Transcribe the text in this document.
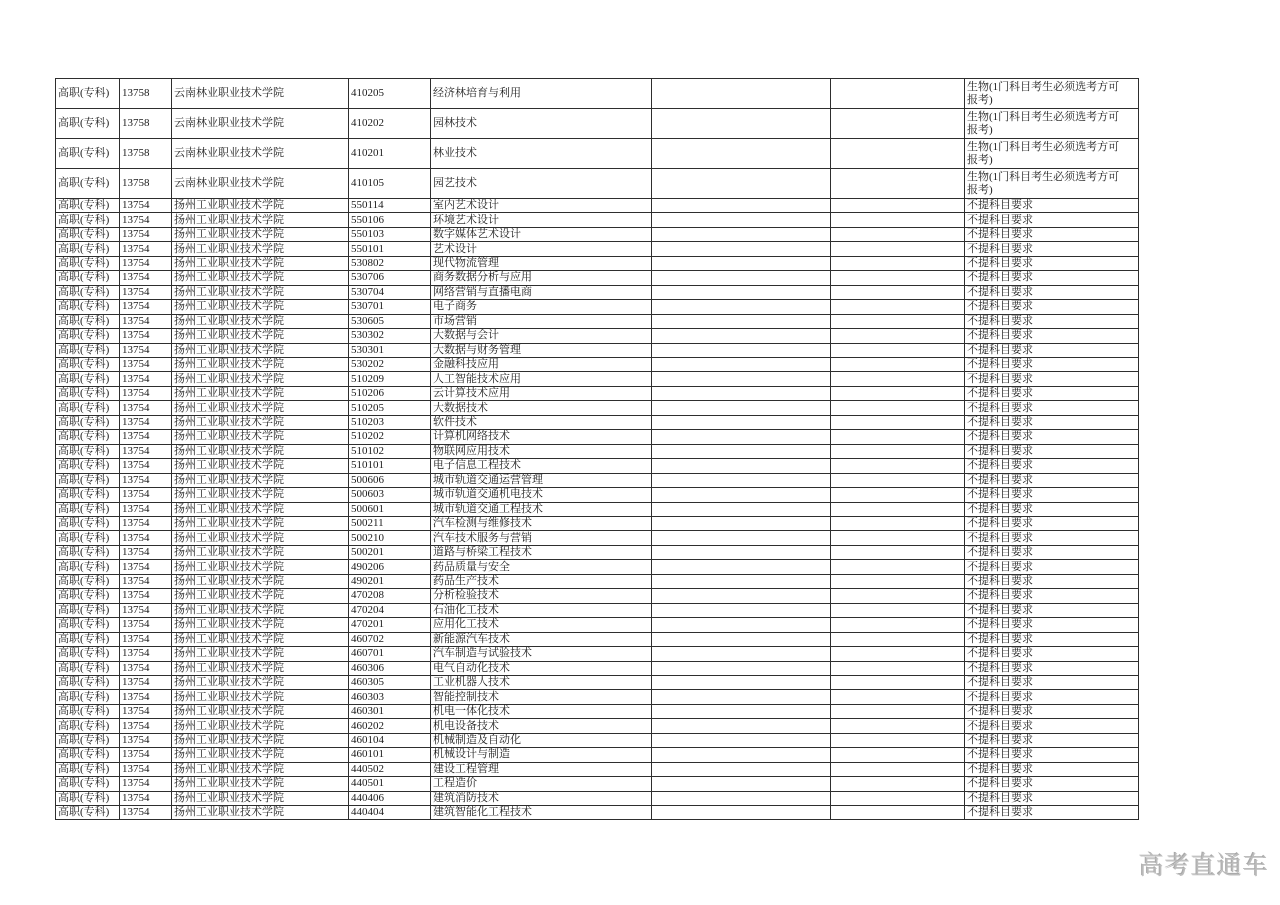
高职(专科)	13758	云南林业职业技术学院	410205	经济林培育与利用			生物(1门科目考生必须选考方可报考)
高职(专科)	13758	云南林业职业技术学院	410202	园林技术			生物(1门科目考生必须选考方可报考)
高职(专科)	13758	云南林业职业技术学院	410201	林业技术			生物(1门科目考生必须选考方可报考)
高职(专科)	13758	云南林业职业技术学院	410105	园艺技术			生物(1门科目考生必须选考方可报考)
高职(专科)	13754	扬州工业职业技术学院	550114	室内艺术设计			不提科目要求
高职(专科)	13754	扬州工业职业技术学院	550106	环境艺术设计			不提科目要求
高职(专科)	13754	扬州工业职业技术学院	550103	数字媒体艺术设计			不提科目要求
高职(专科)	13754	扬州工业职业技术学院	550101	艺术设计			不提科目要求
高职(专科)	13754	扬州工业职业技术学院	530802	现代物流管理			不提科目要求
高职(专科)	13754	扬州工业职业技术学院	530706	商务数据分析与应用			不提科目要求
高职(专科)	13754	扬州工业职业技术学院	530704	网络营销与直播电商			不提科目要求
高职(专科)	13754	扬州工业职业技术学院	530701	电子商务			不提科目要求
高职(专科)	13754	扬州工业职业技术学院	530605	市场营销			不提科目要求
高职(专科)	13754	扬州工业职业技术学院	530302	大数据与会计			不提科目要求
高职(专科)	13754	扬州工业职业技术学院	530301	大数据与财务管理			不提科目要求
高职(专科)	13754	扬州工业职业技术学院	530202	金融科技应用			不提科目要求
高职(专科)	13754	扬州工业职业技术学院	510209	人工智能技术应用			不提科目要求
高职(专科)	13754	扬州工业职业技术学院	510206	云计算技术应用			不提科目要求
高职(专科)	13754	扬州工业职业技术学院	510205	大数据技术			不提科目要求
高职(专科)	13754	扬州工业职业技术学院	510203	软件技术			不提科目要求
高职(专科)	13754	扬州工业职业技术学院	510202	计算机网络技术			不提科目要求
高职(专科)	13754	扬州工业职业技术学院	510102	物联网应用技术			不提科目要求
高职(专科)	13754	扬州工业职业技术学院	510101	电子信息工程技术			不提科目要求
高职(专科)	13754	扬州工业职业技术学院	500606	城市轨道交通运营管理			不提科目要求
高职(专科)	13754	扬州工业职业技术学院	500603	城市轨道交通机电技术			不提科目要求
高职(专科)	13754	扬州工业职业技术学院	500601	城市轨道交通工程技术			不提科目要求
高职(专科)	13754	扬州工业职业技术学院	500211	汽车检测与维修技术			不提科目要求
高职(专科)	13754	扬州工业职业技术学院	500210	汽车技术服务与营销			不提科目要求
高职(专科)	13754	扬州工业职业技术学院	500201	道路与桥梁工程技术			不提科目要求
高职(专科)	13754	扬州工业职业技术学院	490206	药品质量与安全			不提科目要求
高职(专科)	13754	扬州工业职业技术学院	490201	药品生产技术			不提科目要求
高职(专科)	13754	扬州工业职业技术学院	470208	分析检验技术			不提科目要求
高职(专科)	13754	扬州工业职业技术学院	470204	石油化工技术			不提科目要求
高职(专科)	13754	扬州工业职业技术学院	470201	应用化工技术			不提科目要求
高职(专科)	13754	扬州工业职业技术学院	460702	新能源汽车技术			不提科目要求
高职(专科)	13754	扬州工业职业技术学院	460701	汽车制造与试验技术			不提科目要求
高职(专科)	13754	扬州工业职业技术学院	460306	电气自动化技术			不提科目要求
高职(专科)	13754	扬州工业职业技术学院	460305	工业机器人技术			不提科目要求
高职(专科)	13754	扬州工业职业技术学院	460303	智能控制技术			不提科目要求
高职(专科)	13754	扬州工业职业技术学院	460301	机电一体化技术			不提科目要求
高职(专科)	13754	扬州工业职业技术学院	460202	机电设备技术			不提科目要求
高职(专科)	13754	扬州工业职业技术学院	460104	机械制造及自动化			不提科目要求
高职(专科)	13754	扬州工业职业技术学院	460101	机械设计与制造			不提科目要求
高职(专科)	13754	扬州工业职业技术学院	440502	建设工程管理			不提科目要求
高职(专科)	13754	扬州工业职业技术学院	440501	工程造价			不提科目要求
高职(专科)	13754	扬州工业职业技术学院	440406	建筑消防技术			不提科目要求
高职(专科)	13754	扬州工业职业技术学院	440404	建筑智能化工程技术			不提科目要求
高考直通车
